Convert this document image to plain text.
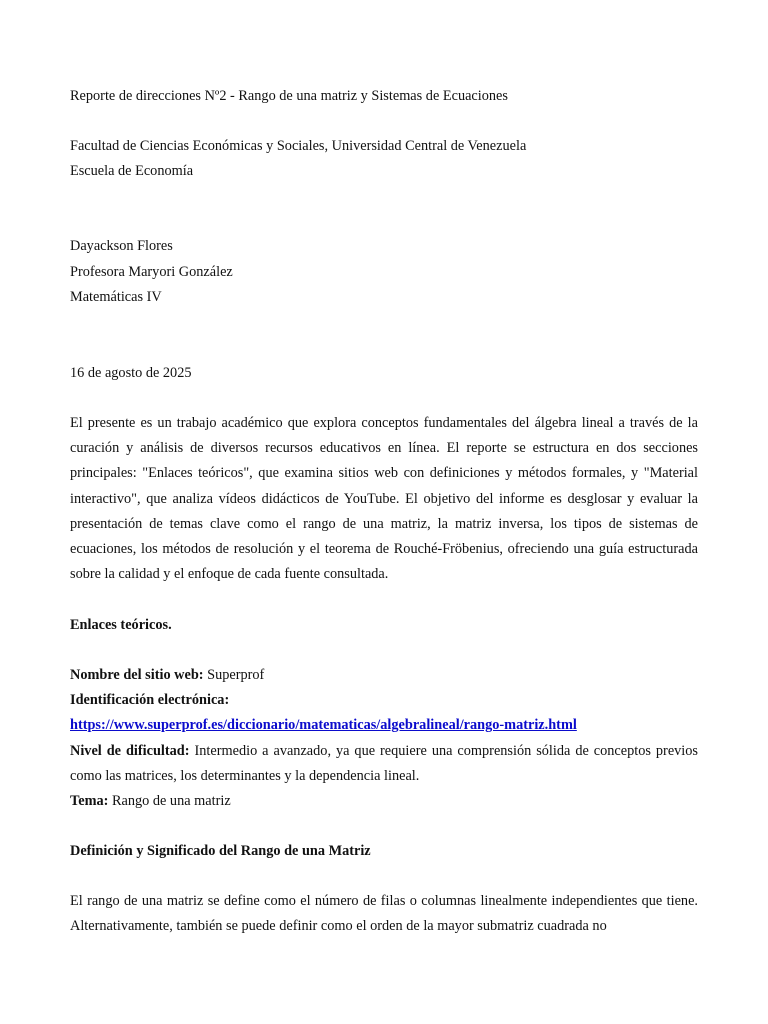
Reporte de direcciones Nº2 - Rango de una matriz y Sistemas de Ecuaciones

Facultad de Ciencias Económicas y Sociales, Universidad Central de Venezuela

Escuela de Economía

Dayackson Flores

Profesora Maryori González

Matemáticas IV

16 de agosto de 2025

El presente es un trabajo académico que explora conceptos fundamentales del álgebra lineal a través de la curación y análisis de diversos recursos educativos en línea. El reporte se estructura en dos secciones principales: "Enlaces teóricos", que examina sitios web con definiciones y métodos formales, y "Material interactivo", que analiza vídeos didácticos de YouTube. El objetivo del informe es desglosar y evaluar la presentación de temas clave como el rango de una matriz, la matriz inversa, los tipos de sistemas de ecuaciones, los métodos de resolución y el teorema de Rouché-Fröbenius, ofreciendo una guía estructurada sobre la calidad y el enfoque de cada fuente consultada.

Enlaces teóricos.

Nombre del sitio web: Superprof

Identificación electrónica:

https://www.superprof.es/diccionario/matematicas/algebralineal/rango-matriz.html

Nivel de dificultad: Intermedio a avanzado, ya que requiere una comprensión sólida de conceptos previos como las matrices, los determinantes y la dependencia lineal.

Tema: Rango de una matriz

Definición y Significado del Rango de una Matriz

El rango de una matriz se define como el número de filas o columnas linealmente independientes que tiene. Alternativamente, también se puede definir como el orden de la mayor submatriz cuadrada no
